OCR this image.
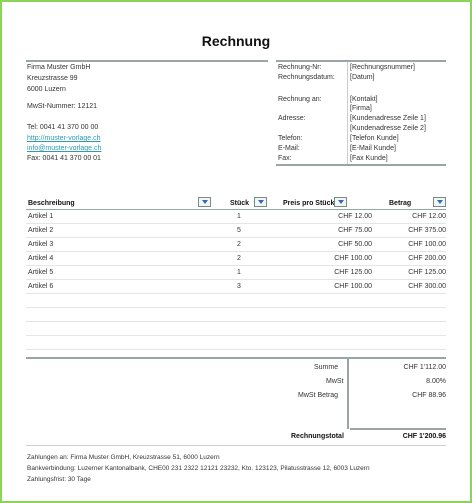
Rechnung
Firma Muster GmbH
Kreuzstrasse 99
6000 Luzern
MwSt-Nummer: 12121
Tel: 0041 41 370 00 00
http://muster-vorlage.ch
info@muster-vorlage.ch
Fax: 0041 41 370 00 01
Rechnung-Nr:	[Rechnungsnummer]
Rechnungsdatum: [Datum]
Rechnung an:	[Kontakt]
[Firma]
Adresse:	[Kundenadresse Zeile 1]
[Kundenadresse Zeile 2]
Telefon:	[Telefon Kunde]
E-Mail:	[E-Mail Kunde]
Fax:	[Fax Kunde]
Beschreibung	Stück	Preis pro Stück	Betrag
Artikel 1	1	CHF 12.00	CHF 12.00
Artikel 2	5	CHF 75.00	CHF 375.00
Artikel 3	2	CHF 50.00	CHF 100.00
Artikel 4	2	CHF 100.00	CHF 200.00
Artikel 5	1	CHF 125.00	CHF 125.00
Artikel 6	3	CHF 100.00	CHF 300.00
Summe	CHF 1'112.00
MwSt	8.00%
MwSt Betrag	CHF 88.96
Rechnungstotal	CHF 1'200.96
Zahlungen an: Firma Muster GmbH, Kreuzstrasse 51, 6000 Luzern
Bankverbindung: Luzerner Kantonalbank, CHE00 231 2322 12121 23232, Kto. 123123, Pilatusstrasse 12, 6003 Luzern
Zahlungsfrist: 30 Tage
